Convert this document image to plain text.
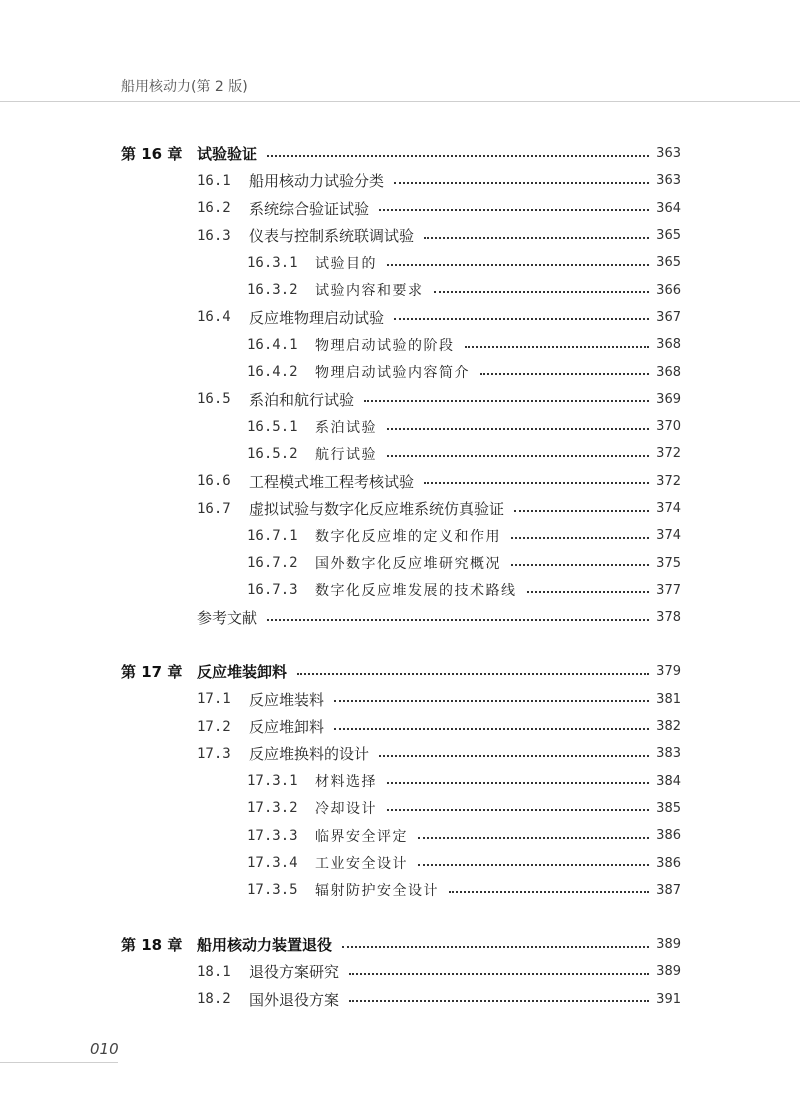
船用核动力(第 2 版)
第 16 章 试验验证	363
16.1	船用核动力试验分类	363
16.2	系统综合验证试验	364
16.3	仪表与控制系统联调试验	365
16.3.1	试验目的	365
16.3.2	试验内容和要求	366
16.4	反应堆物理启动试验	367
16.4.1	物理启动试验的阶段	368
16.4.2	物理启动试验内容简介	368
16.5	系泊和航行试验	369
16.5.1	系泊试验	370
16.5.2	航行试验	372
16.6	工程模式堆工程考核试验	372
16.7	虚拟试验与数字化反应堆系统仿真验证	374
16.7.1	数字化反应堆的定义和作用	374
16.7.2	国外数字化反应堆研究概况	375
16.7.3	数字化反应堆发展的技术路线	377
参考文献	378
第 17 章 反应堆装卸料	379
17.1	反应堆装料	381
17.2	反应堆卸料	382
17.3	反应堆换料的设计	383
17.3.1	材料选择	384
17.3.2	冷却设计	385
17.3.3	临界安全评定	386
17.3.4	工业安全设计	386
17.3.5	辐射防护安全设计	387
第 18 章 船用核动力装置退役	389
18.1	退役方案研究	389
18.2	国外退役方案	391
010
